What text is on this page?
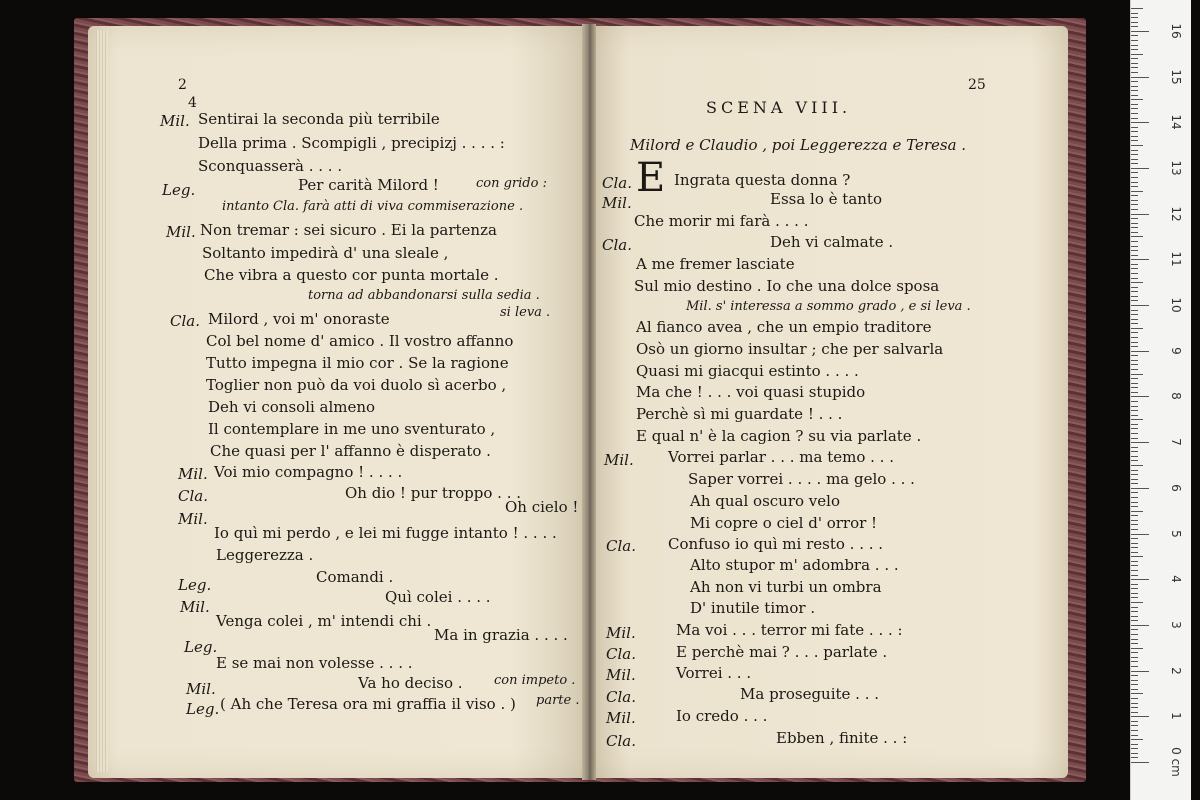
2
4
Mil. Sentirai la seconda più terribile
Della prima . Scompigli , precipizj . . . . :
Sconquasserà . . . .
Leg.	Per carità Milord !	con grido :
intanto Cla. farà atti di viva commiserazione .
Mil. Non tremar : sei sicuro . Ei la partenza
Soltanto impedirà d' una sleale ,
Che vibra a questo cor punta mortale .
torna ad abbandonarsi sulla sedia .
Cla. Milord , voi m' onoraste	si leva .
Col bel nome d' amico . Il vostro affanno
Tutto impegna il mio cor . Se la ragione
Toglier non può da voi duolo sì acerbo ,
Deh vi consoli almeno
Il contemplare in me uno sventurato ,
Che quasi per l' affanno è disperato .
Mil. Voi mio compagno ! . . . .
Cla.	Oh dio ! pur troppo . . .
Oh cielo !
Mil.
Io quì mi perdo , e lei mi fugge intanto ! . . . .
Leggerezza .
Leg.	Comandi .
Mil.
Quì colei . . . .
Venga colei , m' intendi chi .
Ma in grazia . . . .
Leg.
E se mai non volesse . . . .
Va ho deciso . con impeto .
Mil.
Leg. ( Ah che Teresa ora mi graffia il viso . ) parte .
25
SCENA VIII.
Milord e Claudio , poi Leggerezza e Teresa .
Cla. E Ingrata questa donna ?
Mil.	Essa lo è tanto
Che morir mi farà . . . .
Cla.	Deh vi calmate .
A me fremer lasciate
Sul mio destino . Io che una dolce sposa
Mil. s' interessa a sommo grado , e si leva .
Al fianco avea , che un empio traditore
Osò un giorno insultar ; che per salvarla
Quasi mi giacqui estinto . . . .
Ma che ! . . . voi quasi stupido
Perchè sì mi guardate ! . . .
E qual n' è la cagion ? su via parlate .
Mil. Vorrei parlar . . . ma temo . . .
Saper vorrei . . . . ma gelo . . .
Ah qual oscuro velo
Mi copre o ciel d' orror !
Cla. Confuso io quì mi resto . . . .
Alto stupor m' adombra . . .
Ah non vi turbi un ombra
D' inutile timor .
Mil.	Ma voi . . . terror mi fate . . . :
Cla.	E perchè mai ? . . . parlate .
Mil.	Vorrei . . .
Cla.	Ma proseguite . . .
Mil.	Io credo . . .
Cla.	Ebben , finite . . :
0 cm
1
2
3
4
5
6
7
8
9
10
11
12
13
14
15
16
